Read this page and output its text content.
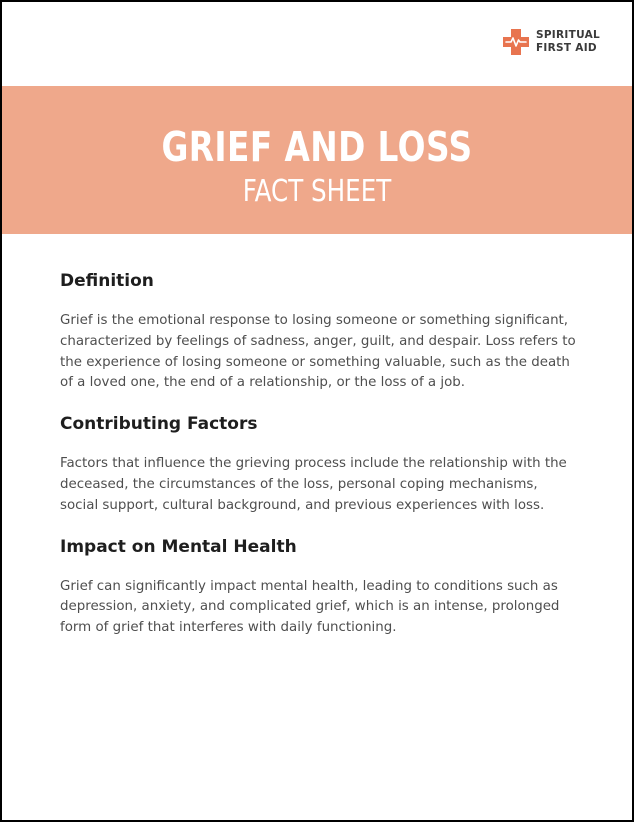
SPIRITUAL
FIRST AID
GRIEF AND LOSS
FACT SHEET
Definition

Grief is the emotional response to losing someone or something significant, characterized by feelings of sadness, anger, guilt, and despair. Loss refers to the experience of losing someone or something valuable, such as the death of a loved one, the end of a relationship, or the loss of a job.

Contributing Factors

Factors that influence the grieving process include the relationship with the deceased, the circumstances of the loss, personal coping mechanisms, social support, cultural background, and previous experiences with loss.

Impact on Mental Health

Grief can significantly impact mental health, leading to conditions such as depression, anxiety, and complicated grief, which is an intense, prolonged form of grief that interferes with daily functioning.
